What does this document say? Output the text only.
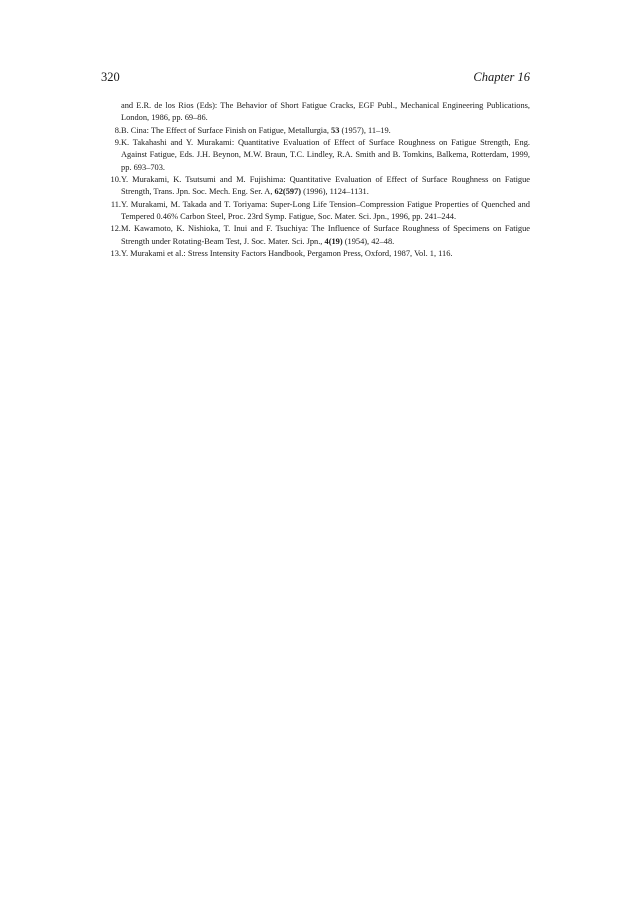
320	Chapter 16
and E.R. de los Rios (Eds): The Behavior of Short Fatigue Cracks, EGF Publ., Mechanical Engineering Publications, London, 1986, pp. 69–86.
8. B. Cina: The Effect of Surface Finish on Fatigue, Metallurgia, 53 (1957), 11–19.
9. K. Takahashi and Y. Murakami: Quantitative Evaluation of Effect of Surface Roughness on Fatigue Strength, Eng. Against Fatigue, Eds. J.H. Beynon, M.W. Braun, T.C. Lindley, R.A. Smith and B. Tomkins, Balkema, Rotterdam, 1999, pp. 693–703.
10. Y. Murakami, K. Tsutsumi and M. Fujishima: Quantitative Evaluation of Effect of Surface Roughness on Fatigue Strength, Trans. Jpn. Soc. Mech. Eng. Ser. A, 62(597) (1996), 1124–1131.
11. Y. Murakami, M. Takada and T. Toriyama: Super-Long Life Tension–Compression Fatigue Properties of Quenched and Tempered 0.46% Carbon Steel, Proc. 23rd Symp. Fatigue, Soc. Mater. Sci. Jpn., 1996, pp. 241–244.
12. M. Kawamoto, K. Nishioka, T. Inui and F. Tsuchiya: The Influence of Surface Roughness of Specimens on Fatigue Strength under Rotating-Beam Test, J. Soc. Mater. Sci. Jpn., 4(19) (1954), 42–48.
13. Y. Murakami et al.: Stress Intensity Factors Handbook, Pergamon Press, Oxford, 1987, Vol. 1, 116.
